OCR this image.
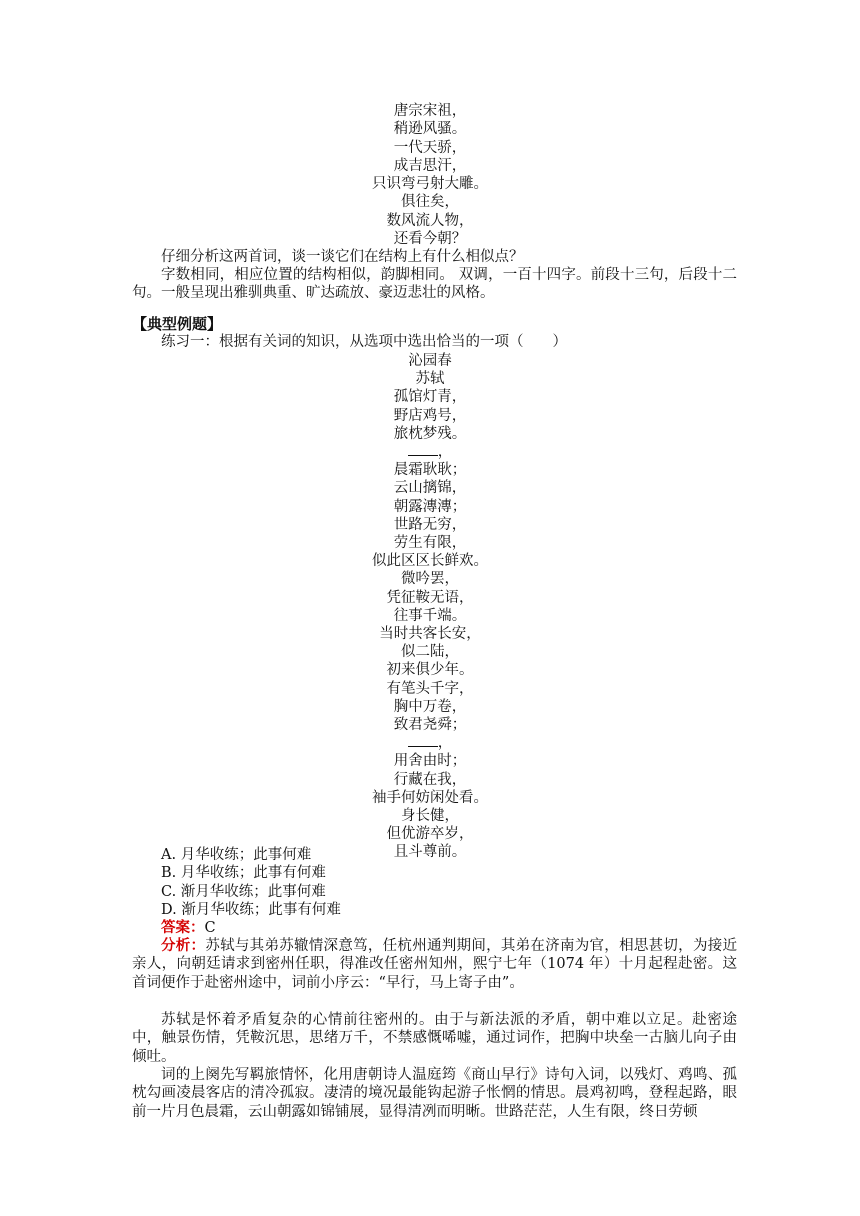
唐宗宋祖，
稍逊风骚。
一代天骄，
成吉思汗，
只识弯弓射大雕。
俱往矣，
数风流人物，
还看今朝？
仔细分析这两首词，谈一谈它们在结构上有什么相似点？
字数相同，相应位置的结构相似，韵脚相同。 双调，一百十四字。前段十三句，后段十二句。一般呈现出雅驯典重、旷达疏放、豪迈悲壮的风格。
【典型例题】
练习一：根据有关词的知识，从选项中选出恰当的一项（　　）
沁园春
苏轼
孤馆灯青，
野店鸡号，
旅枕梦残。
，
晨霜耿耿；
云山摛锦，
朝露漙漙；
世路无穷，
劳生有限，
似此区区长鲜欢。
微吟罢，
凭征鞍无语，
往事千端。
当时共客长安，
似二陆，
初来俱少年。
有笔头千字，
胸中万卷，
致君尧舜；
，
用舍由时；
行藏在我，
袖手何妨闲处看。
身长健，
但优游卒岁，
且斗尊前。
A. 月华收练；此事何难
B. 月华收练；此事有何难
C. 渐月华收练；此事何难
D. 渐月华收练；此事有何难
答案：C
分析：苏轼与其弟苏辙情深意笃，任杭州通判期间，其弟在济南为官，相思甚切，为接近亲人，向朝廷请求到密州任职，得准改任密州知州，熙宁七年（1074 年）十月起程赴密。这首词便作于赴密州途中，词前小序云：“早行，马上寄子由”。
苏轼是怀着矛盾复杂的心情前往密州的。由于与新法派的矛盾，朝中难以立足。赴密途中，触景伤情，凭鞍沉思，思绪万千，不禁感慨唏嘘，通过词作，把胸中块垒一古脑儿向子由倾吐。
词的上阕先写羁旅情怀，化用唐朝诗人温庭筠《商山早行》诗句入词，以残灯、鸡鸣、孤枕勾画凌晨客店的清冷孤寂。凄清的境况最能钩起游子怅惘的情思。晨鸡初鸣，登程起路，眼前一片月色晨霜，云山朝露如锦铺展，显得清冽而明晰。世路茫茫，人生有限，终日劳顿
